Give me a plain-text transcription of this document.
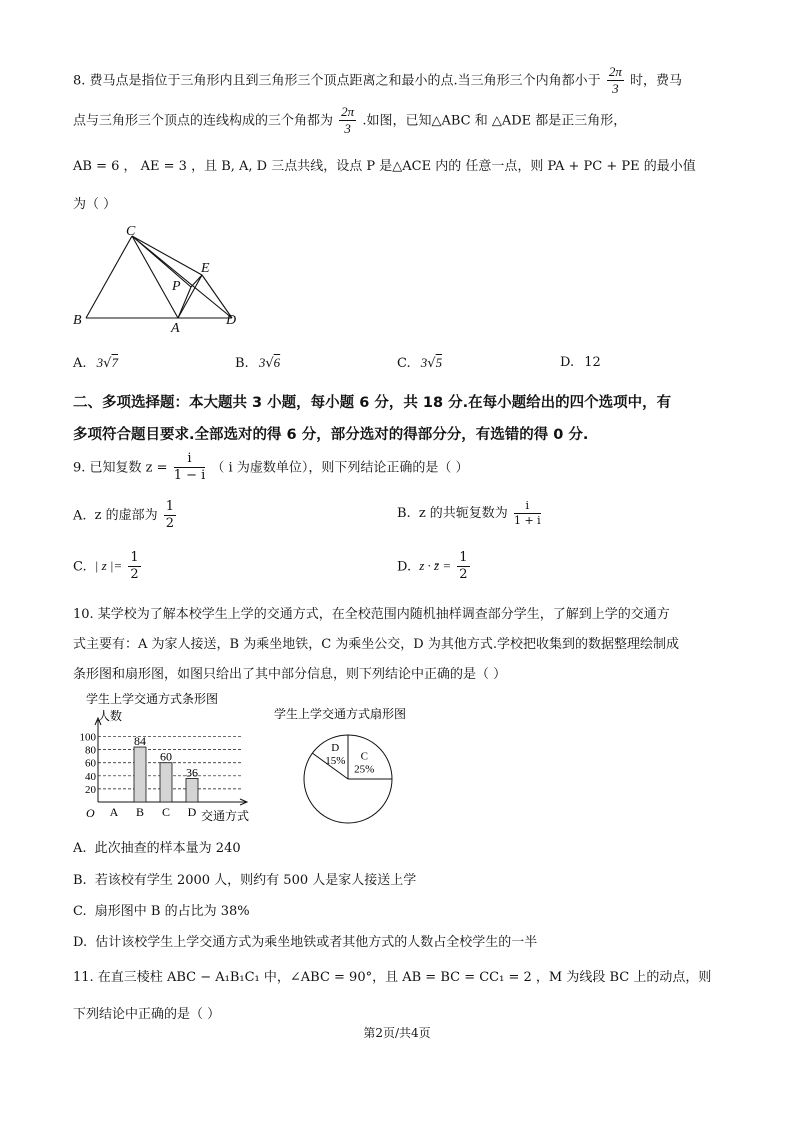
8. 费马点是指位于三角形内且到三角形三个顶点距离之和最小的点.当三角形三个内角都小于 $\frac{2\pi}{3}$ 时，费马
点与三角形三个顶点的连线构成的三个角都为 $\frac{2\pi}{3}$ .如图，已知△ABC 和 △ADE 都是正三角形，
AB = 6 ， AE = 3 ，且 B, A, D 三点共线，设点 P 是△ACE 内的 任意一点，则 PA + PC + PE 的最小值
为（ ）
C
E
P
B
A
D
A. 3√7	B. 3√6	C. 3√5	D. 12
二、多项选择题：本大题共 3 小题，每小题 6 分，共 18 分.在每小题给出的四个选项中，有
多项符合题目要求.全部选对的得 6 分，部分选对的得部分分，有选错的得 0 分.
9. 已知复数 $z = \frac{i}{1 - i}$ （ i 为虚数单位），则下列结论正确的是（ ）
A. z 的虚部为 $\frac{1}{2}$	B. z 的共轭复数为 $\frac{i}{1 + i}$
C. | z |= $\frac{1}{2}$	D. z · z̄ = $\frac{1}{2}$
10. 某学校为了解本校学生上学的交通方式，在全校范围内随机抽样调查部分学生，了解到上学的交通方
式主要有：A 为家人接送，B 为乘坐地铁，C 为乘坐公交，D 为其他方式.学校把收集到的数据整理绘制成
条形图和扇形图，如图只给出了其中部分信息，则下列结论中正确的是（ ）
学生上学交通方式条形图
人数
20
40
60
80
100
A B
84
C
60
D
36
O	交通方式
学生上学交通方式扇形图
C
25%
D
15%
A. 此次抽查的样本量为 240
B. 若该校有学生 2000 人，则约有 500 人是家人接送上学
C. 扇形图中 B 的占比为 38%
D. 估计该校学生上学交通方式为乘坐地铁或者其他方式的人数占全校学生的一半
11. 在直三棱柱 ABC − A₁B₁C₁ 中，∠ABC = 90°，且 AB = BC = CC₁ = 2 ，M 为线段 BC 上的动点，则
下列结论中正确的是（ ）
第2页/共4页
